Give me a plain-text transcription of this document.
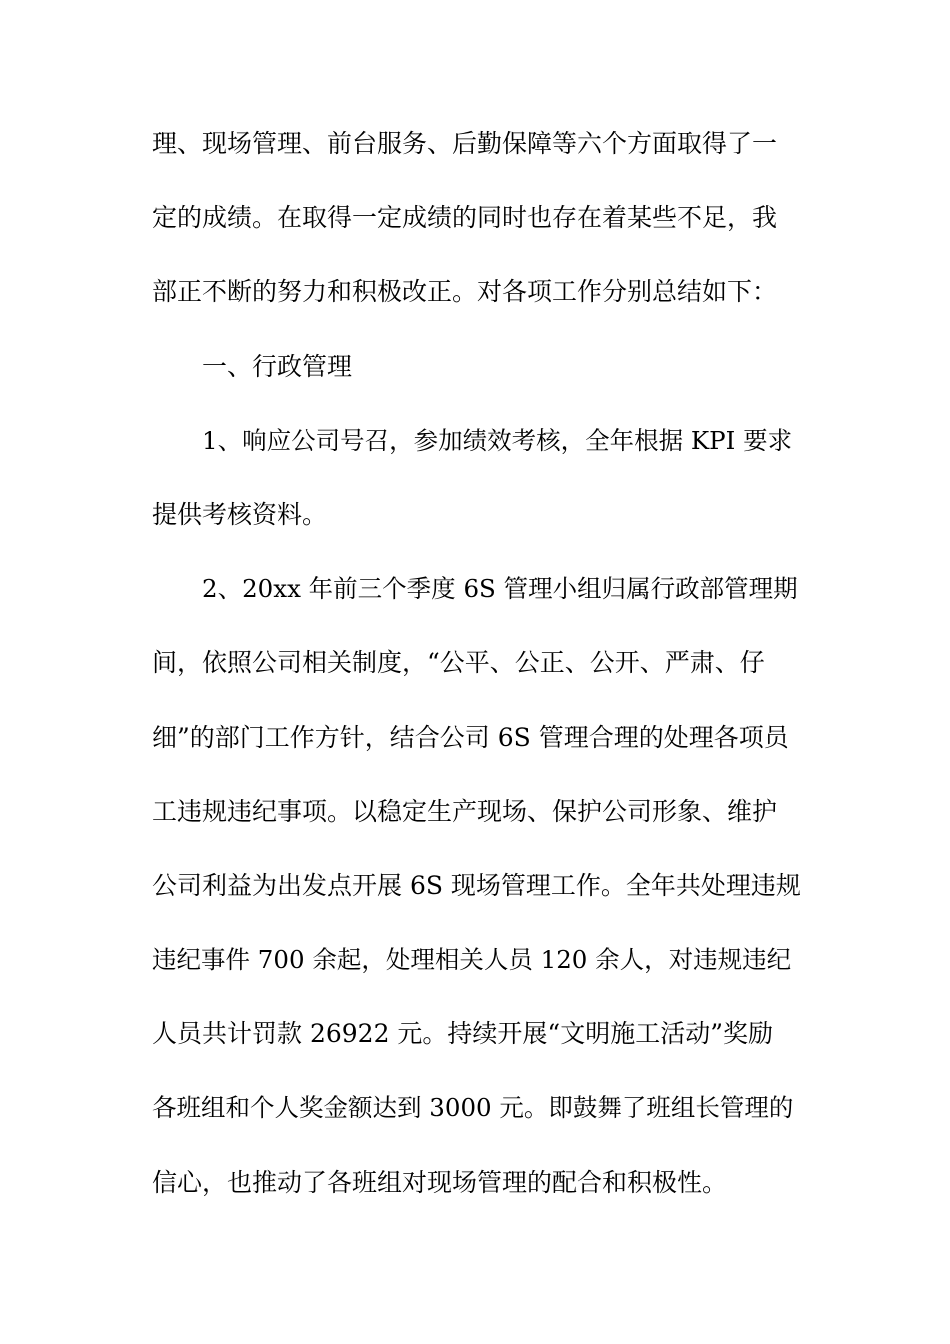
理、现场管理、前台服务、后勤保障等六个方面取得了一
定的成绩。在取得一定成绩的同时也存在着某些不足，我
部正不断的努力和积极改正。对各项工作分别总结如下：
一、行政管理
1、响应公司号召，参加绩效考核，全年根据 KPI 要求
提供考核资料。
2、20xx 年前三个季度 6S 管理小组归属行政部管理期
间，依照公司相关制度，“公平、公正、公开、严肃、仔
细”的部门工作方针，结合公司 6S 管理合理的处理各项员
工违规违纪事项。以稳定生产现场、保护公司形象、维护
公司利益为出发点开展 6S 现场管理工作。全年共处理违规
违纪事件 700 余起，处理相关人员 120 余人，对违规违纪
人员共计罚款 26922 元。持续开展“文明施工活动”奖励
各班组和个人奖金额达到 3000 元。即鼓舞了班组长管理的
信心，也推动了各班组对现场管理的配合和积极性。
